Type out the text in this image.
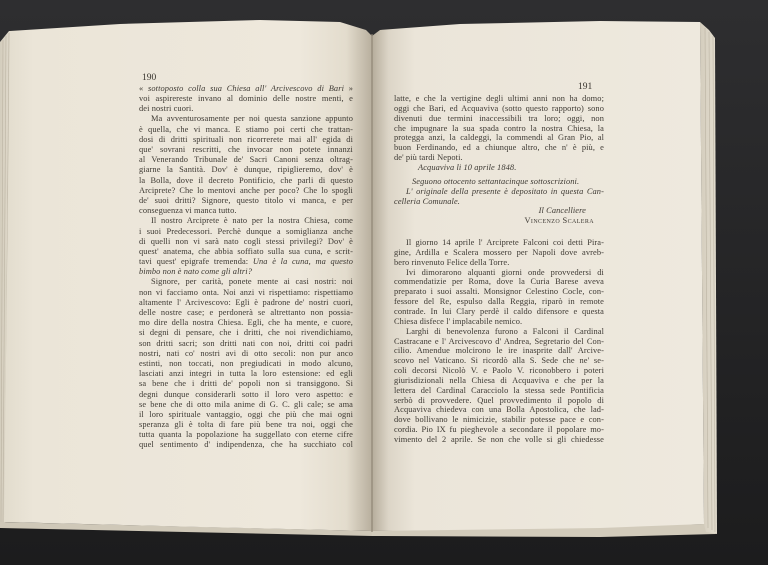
190
191
« sottoposto colla sua Chiesa all' Arcivescovo di Bari »
voi aspirereste invano al dominio delle nostre menti, e
dei nostri cuori.
Ma avventurosamente per noi questa sanzione appunto
è quella, che vi manca. E stiamo poi certi che trattan-
dosi di dritti spirituali non ricorrerete mai all' egida di
que' sovrani rescritti, che invocar non potete innanzi
al Venerando Tribunale de' Sacri Canoni senza oltrag-
giarne la Santità. Dov' è dunque, ripiglieremo, dov' è
la Bolla, dove il decreto Pontificio, che parli di questo
Arciprete? Che lo mentovi anche per poco? Che lo spogli
de' suoi dritti? Signore, questo titolo vi manca, e per
conseguenza vi manca tutto.
Il nostro Arciprete è nato per la nostra Chiesa, come
i suoi Predecessori. Perchè dunque a somiglianza anche
di quelli non vi sarà nato cogli stessi privilegi? Dov' è
quest' anatema, che abbia soffiato sulla sua cuna, e scrit-
tavi quest' epigrafe tremenda: Una è la cuna, ma questo
bimbo non è nato come gli altri?
Signore, per carità, ponete mente ai casi nostri: noi
non vi facciamo onta. Noi anzi vi rispettiamo: rispettiamo
altamente l' Arcivescovo: Egli è padrone de' nostri cuori,
delle nostre case; e perdonerà se altrettanto non possia-
mo dire della nostra Chiesa. Egli, che ha mente, e cuore,
si degni di pensare, che i dritti, che noi rivendichiamo,
son dritti sacri; son dritti nati con noi, dritti coi padri
nostri, nati co' nostri avi di otto secoli: non pur anco
estinti, non toccati, non pregiudicati in modo alcuno,
lasciati anzi integri in tutta la loro estensione: ed egli
sa bene che i dritti de' popoli non si transiggono. Si
degni dunque considerarli sotto il loro vero aspetto: e
se bene che di otto mila anime di G. C. gli cale; se ama
il loro spirituale vantaggio, oggi che più che mai ogni
speranza gli è tolta di fare più bene tra noi, oggi che
tutta quanta la popolazione ha suggellato con eterne cifre
quel sentimento d' indipendenza, che ha succhiato col
latte, e che la vertigine degli ultimi anni non ha domo;
oggi che Bari, ed Acquaviva (sotto questo rapporto) sono
divenuti due termini inaccessibili tra loro; oggi, non
che impugnare la sua spada contro la nostra Chiesa, la
protegga anzi, la caldeggi, la commendi al Gran Pio, al
buon Ferdinando, ed a chiunque altro, che n' è più, e
de' più tardi Nepoti.
Acquaviva li 10 aprile 1848.
Seguono ottocento settantacinque sottoscrizioni.
L' originale della presente è depositato in questa Can-
celleria Comunale.
Il Cancelliere
Vincenzo Scalera
Il giorno 14 aprile l' Arciprete Falconi coi detti Pira-
gine, Ardilla e Scalera mossero per Napoli dove avreb-
bero rinvenuto Felice della Torre.
Ivi dimorarono alquanti giorni onde provvedersi di
commendatizie per Roma, dove la Curia Barese aveva
preparato i suoi assalti. Monsignor Celestino Cocle, con-
fessore del Re, espulso dalla Reggia, riparò in remote
contrade. In lui Clary perdè il caldo difensore e questa
Chiesa disfece l' implacabile nemico.
Larghi di benevolenza furono a Falconi il Cardinal
Castracane e l' Arcivescovo d' Andrea, Segretario del Con-
cilio. Amendue molcirono le ire inasprite dall' Arcive-
scovo nel Vaticano. Si ricordò alla S. Sede che ne' se-
coli decorsi Nicolò V. e Paolo V. riconobbero i poteri
giurisdizionali nella Chiesa di Acquaviva e che per la
lettera del Cardinal Caracciolo la stessa sede Pontificia
serbò di provvedere. Quel provvedimento il popolo di
Acquaviva chiedeva con una Bolla Apostolica, che lad-
dove bollivano le nimicizie, stabilir potesse pace e con-
cordia. Pio IX fu pieghevole a secondare il popolare mo-
vimento del 2 aprile. Se non che volle si gli chiedesse
